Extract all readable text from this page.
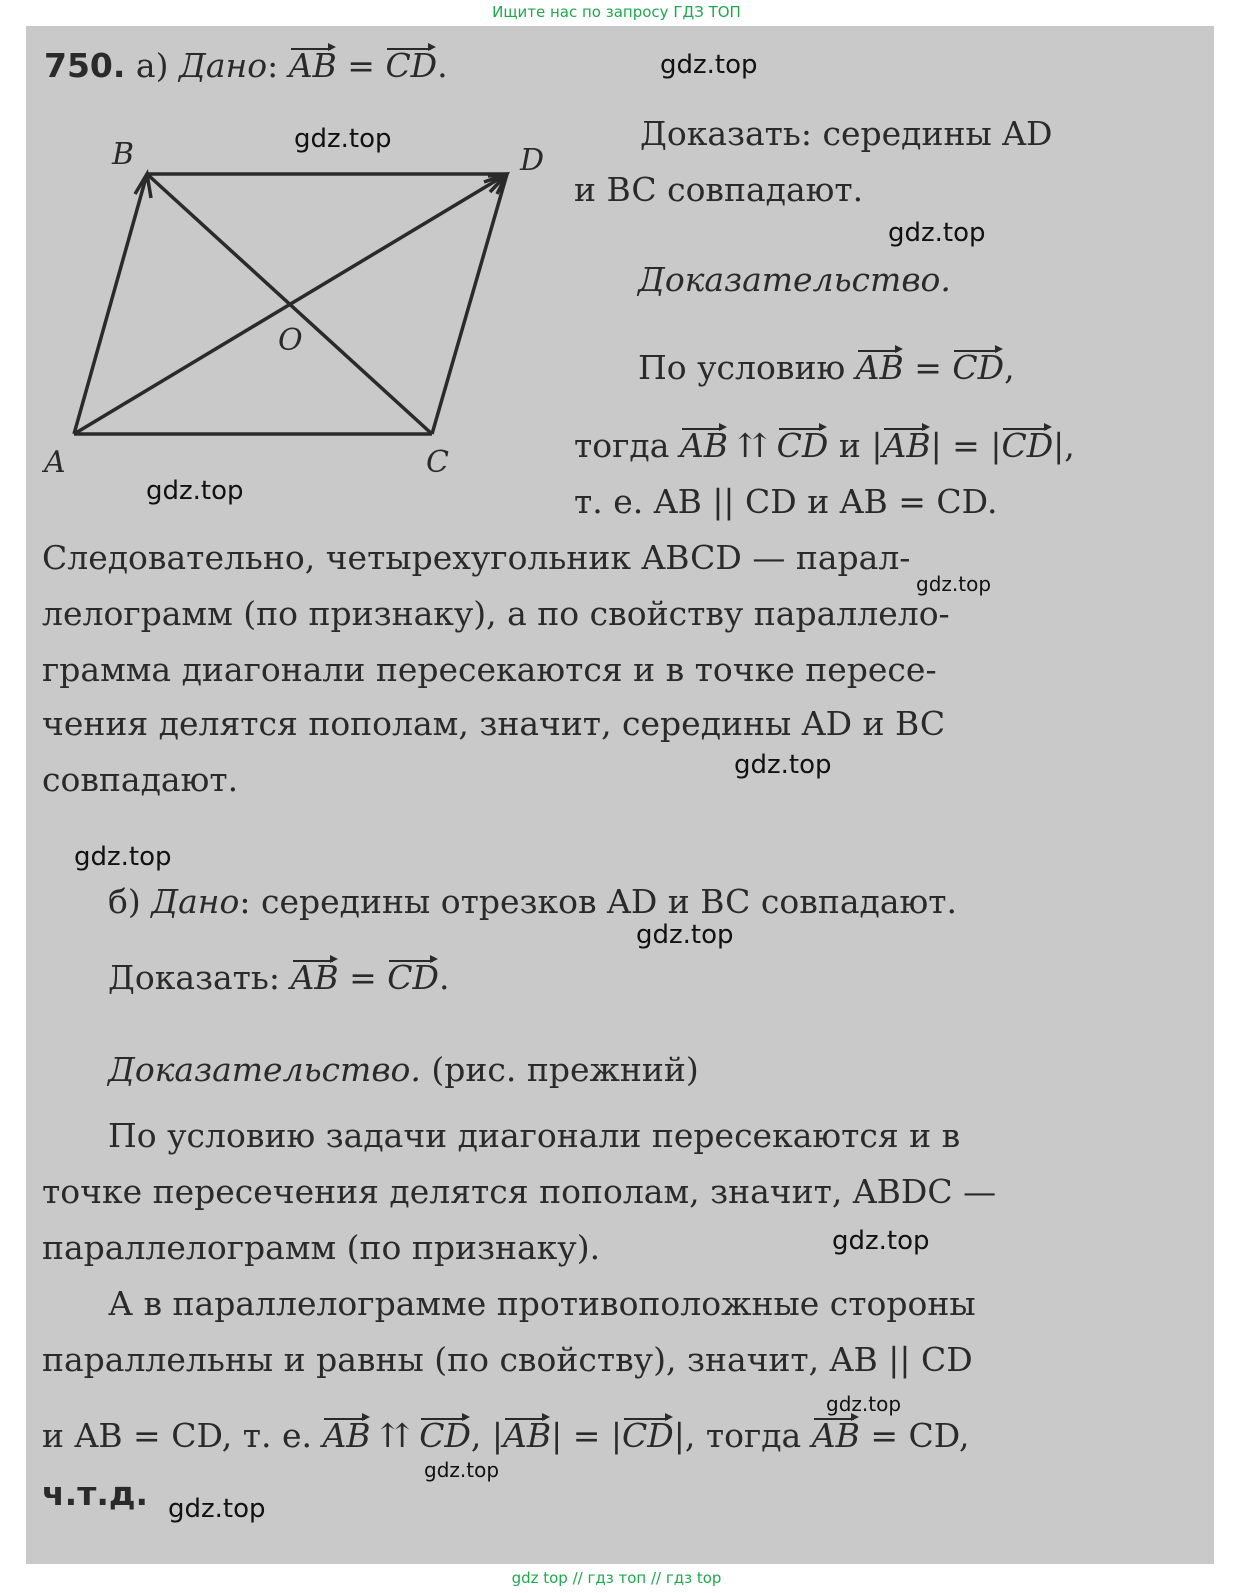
Ищите нас по запросу ГДЗ ТОП
750. а) Дано: AB = CD.
B	D
O
A	C
Доказать: середины AD
и BC совпадают.
Доказательство.
По условию AB = CD,
тогда AB ⇈ CD и |AB| = |CD|,
т. е. AB || CD и AB = CD.
Следовательно, четырехугольник ABCD — парал-
лелограмм (по признаку), а по свойству параллело-
грамма диагонали пересекаются и в точке пересе-
чения делятся пополам, значит, середины AD и BC
совпадают.
б) Дано: середины отрезков AD и BC совпадают.
Доказать: AB = CD.
Доказательство. (рис. прежний)
По условию задачи диагонали пересекаются и в
точке пересечения делятся пополам, значит, ABDC —
параллелограмм (по признаку).
А в параллелограмме противоположные стороны
параллельны и равны (по свойству), значит, AB || CD
и AB = CD, т. е. AB ⇈ CD, |AB| = |CD|, тогда AB = CD,
ч.т.д.
gdz.top
gdz.top
gdz.top
gdz.top
gdz.top
gdz.top
gdz.top
gdz.top
gdz.top
gdz.top
gdz.top
gdz.top
gdz top // гдз топ // гдз top
